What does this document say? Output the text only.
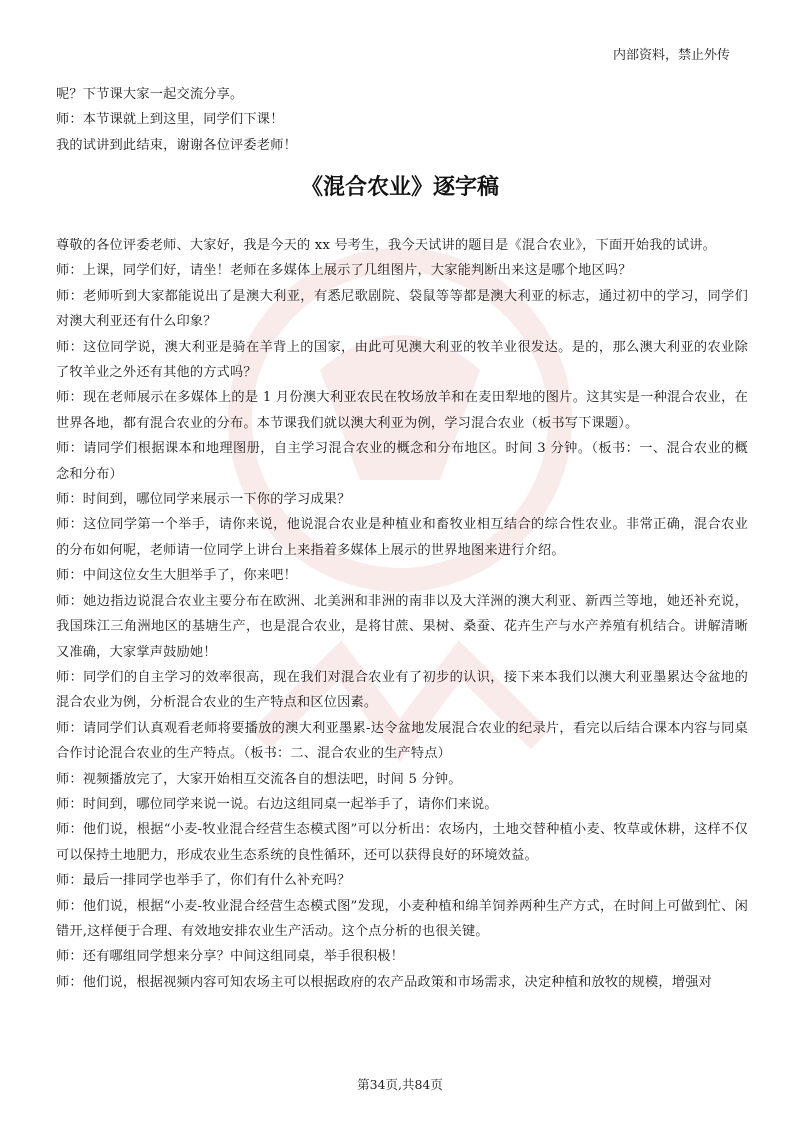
内部资料，禁止外传

呢？下节课大家一起交流分享。

师：本节课就上到这里，同学们下课！

我的试讲到此结束，谢谢各位评委老师！

《混合农业》逐字稿

尊敬的各位评委老师、大家好，我是今天的 xx 号考生，我今天试讲的题目是《混合农业》，下面开始我的试讲。

师：上课，同学们好，请坐！老师在多媒体上展示了几组图片，大家能判断出来这是哪个地区吗？

师：老师听到大家都能说出了是澳大利亚，有悉尼歌剧院、袋鼠等等都是澳大利亚的标志，通过初中的学习，同学们对澳大利亚还有什么印象？

师：这位同学说，澳大利亚是骑在羊背上的国家，由此可见澳大利亚的牧羊业很发达。是的，那么澳大利亚的农业除了牧羊业之外还有其他的方式吗？

师：现在老师展示在多媒体上的是 1 月份澳大利亚农民在牧场放羊和在麦田犁地的图片。这其实是一种混合农业，在世界各地，都有混合农业的分布。本节课我们就以澳大利亚为例，学习混合农业（板书写下课题）。

师：请同学们根据课本和地理图册，自主学习混合农业的概念和分布地区。时间 3 分钟。（板书：一、混合农业的概念和分布）

师：时间到，哪位同学来展示一下你的学习成果？

师：这位同学第一个举手，请你来说，他说混合农业是种植业和畜牧业相互结合的综合性农业。非常正确，混合农业的分布如何呢，老师请一位同学上讲台上来指着多媒体上展示的世界地图来进行介绍。

师：中间这位女生大胆举手了，你来吧！

师：她边指边说混合农业主要分布在欧洲、北美洲和非洲的南非以及大洋洲的澳大利亚、新西兰等地，她还补充说，我国珠江三角洲地区的基塘生产，也是混合农业，是将甘蔗、果树、桑蚕、花卉生产与水产养殖有机结合。讲解清晰又准确，大家掌声鼓励她！

师：同学们的自主学习的效率很高，现在我们对混合农业有了初步的认识，接下来本我们以澳大利亚墨累达令盆地的混合农业为例，分析混合农业的生产特点和区位因素。

师：请同学们认真观看老师将要播放的澳大利亚墨累-达令盆地发展混合农业的纪录片，看完以后结合课本内容与同桌合作讨论混合农业的生产特点。（板书：二、混合农业的生产特点）

师：视频播放完了，大家开始相互交流各自的想法吧，时间 5 分钟。

师：时间到，哪位同学来说一说。右边这组同桌一起举手了，请你们来说。

师：他们说，根据“小麦-牧业混合经营生态模式图”可以分析出：农场内，土地交替种植小麦、牧草或休耕，这样不仅可以保持土地肥力，形成农业生态系统的良性循环，还可以获得良好的环境效益。

师：最后一排同学也举手了，你们有什么补充吗？

师：他们说，根据“小麦-牧业混合经营生态模式图”发现，小麦种植和绵羊饲养两种生产方式，在时间上可做到忙、闲错开,这样便于合理、有效地安排农业生产活动。这个点分析的也很关键。

师：还有哪组同学想来分享？中间这组同桌，举手很积极！

师：他们说，根据视频内容可知农场主可以根据政府的农产品政策和市场需求，决定种植和放牧的规模，增强对

第34页,共84页
